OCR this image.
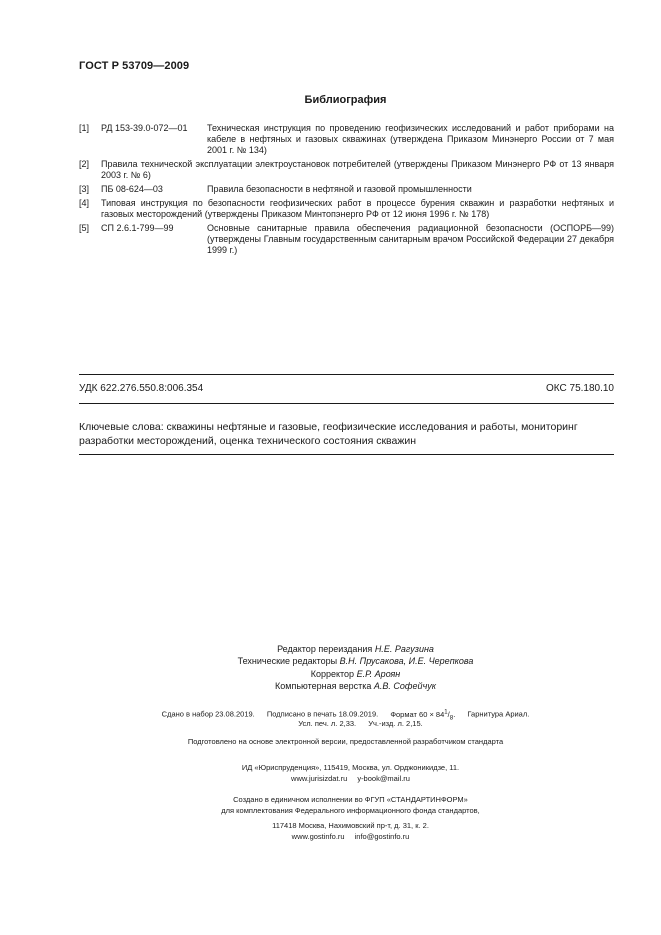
ГОСТ Р 53709—2009
Библиография
[1]	РД 153-39.0-072—01	Техническая инструкция по проведению геофизических исследований и работ приборами на кабеле в нефтяных и газовых скважинах (утверждена Приказом Минэнерго России от 7 мая 2001 г. № 134)
[2]	Правила технической эксплуатации электроустановок потребителей (утверждены Приказом Минэнерго РФ от 13 января 2003 г. № 6)
[3]	ПБ 08-624—03	Правила безопасности в нефтяной и газовой промышленности
[4]	Типовая инструкция по безопасности геофизических работ в процессе бурения скважин и разработки нефтяных и газовых месторождений (утверждены Приказом Минтопэнерго РФ от 12 июня 1996 г. № 178)
[5]	СП 2.6.1-799—99	Основные санитарные правила обеспечения радиационной безопасности (ОСПОРБ—99) (утверждены Главным государственным санитарным врачом Российской Федерации 27 декабря 1999 г.)
УДК 622.276.550.8:006.354	ОКС 75.180.10
Ключевые слова: скважины нефтяные и газовые, геофизические исследования и работы, мониторинг разработки месторождений, оценка технического состояния скважин
Редактор переиздания Н.Е. Рагузина
Технические редакторы В.Н. Прусакова, И.Е. Черепкова
Корректор Е.Р. Ароян
Компьютерная верстка А.В. Софейчук
Сдано в набор 23.08.2019. Подписано в печать 18.09.2019. Формат $60 \times 84^1/_8$. Гарнитура Ариал.
Усл. печ. л. 2,33. Уч.-изд. л. 2,15.
Подготовлено на основе электронной версии, предоставленной разработчиком стандарта
ИД «Юриспруденция», 115419, Москва, ул. Орджоникидзе, 11.
www.jurisizdat.ru y-book@mail.ru
Создано в единичном исполнении во ФГУП «СТАНДАРТИНФОРМ»
для комплектования Федерального информационного фонда стандартов,
117418 Москва, Нахимовский пр-т, д. 31, к. 2.
www.gostinfo.ru info@gostinfo.ru
